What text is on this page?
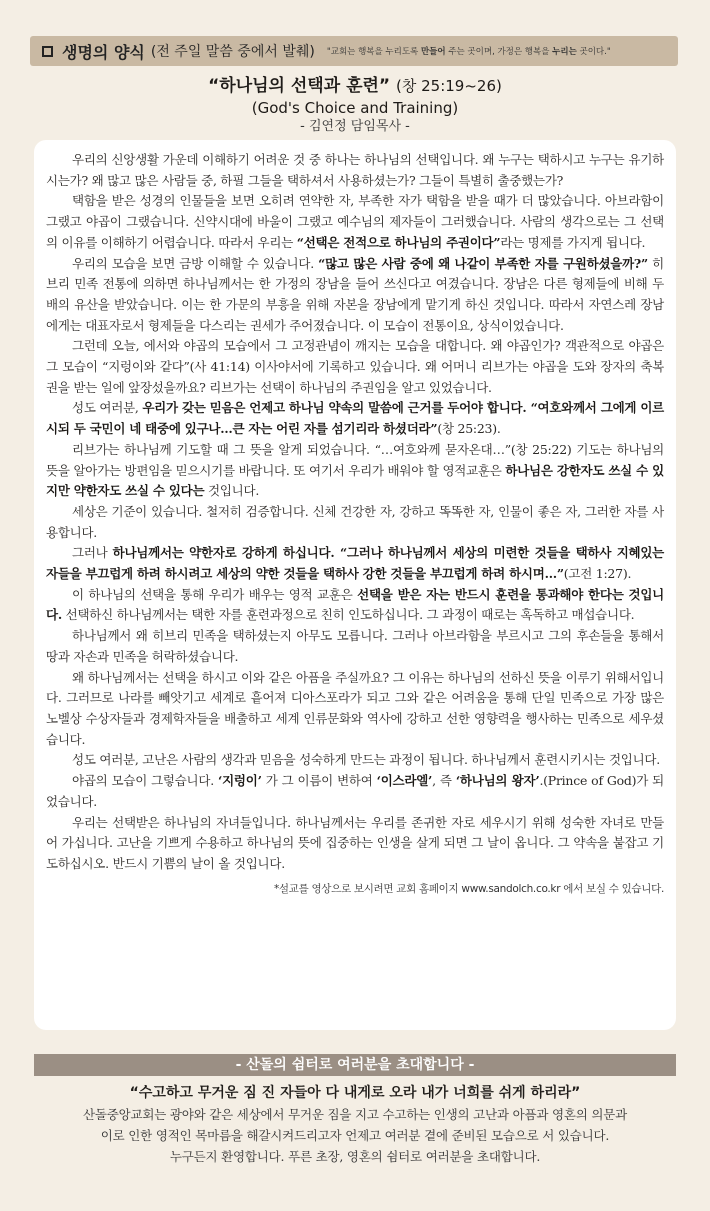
생명의 양식 (전 주일 말씀 중에서 발췌) "교회는 행복을 누리도록 만들어 주는 곳이며, 가정은 행복을 누리는 곳이다."
“하나님의 선택과 훈련” (창 25:19~26)
(God's Choice and Training)
- 김연정 담임목사 -

우리의 신앙생활 가운데 이해하기 어려운 것 중 하나는 하나님의 선택입니다. 왜 누구는 택하시고 누구는 유기하시는가? 왜 많고 많은 사람들 중, 하필 그들을 택하셔서 사용하셨는가? 그들이 특별히 출중했는가?

택함을 받은 성경의 인물들을 보면 오히려 연약한 자, 부족한 자가 택함을 받을 때가 더 많았습니다. 아브라함이 그랬고 야곱이 그랬습니다. 신약시대에 바울이 그랬고 예수님의 제자들이 그러했습니다. 사람의 생각으로는 그 선택의 이유를 이해하기 어렵습니다. 따라서 우리는 “선택은 전적으로 하나님의 주권이다”라는 명제를 가지게 됩니다.

우리의 모습을 보면 금방 이해할 수 있습니다. “많고 많은 사람 중에 왜 나같이 부족한 자를 구원하셨을까?” 히브리 민족 전통에 의하면 하나님께서는 한 가정의 장남을 들어 쓰신다고 여겼습니다. 장남은 다른 형제들에 비해 두 배의 유산을 받았습니다. 이는 한 가문의 부흥을 위해 자본을 장남에게 맡기게 하신 것입니다. 따라서 자연스레 장남에게는 대표자로서 형제들을 다스리는 권세가 주어졌습니다. 이 모습이 전통이요, 상식이었습니다.

그런데 오늘, 에서와 야곱의 모습에서 그 고정관념이 깨지는 모습을 대합니다. 왜 야곱인가? 객관적으로 야곱은 그 모습이 “지렁이와 같다”(사 41:14) 이사야서에 기록하고 있습니다. 왜 어머니 리브가는 야곱을 도와 장자의 축복권을 받는 일에 앞장섰을까요? 리브가는 선택이 하나님의 주권임을 알고 있었습니다.

성도 여러분, 우리가 갖는 믿음은 언제고 하나님 약속의 말씀에 근거를 두어야 합니다. “여호와께서 그에게 이르시되 두 국민이 네 태중에 있구나…큰 자는 어린 자를 섬기리라 하셨더라”(창 25:23).

리브가는 하나님께 기도할 때 그 뜻을 알게 되었습니다. “…여호와께 묻자온대…”(창 25:22) 기도는 하나님의 뜻을 알아가는 방편임을 믿으시기를 바랍니다. 또 여기서 우리가 배워야 할 영적교훈은 하나님은 강한자도 쓰실 수 있지만 약한자도 쓰실 수 있다는 것입니다.

세상은 기준이 있습니다. 철저히 검증합니다. 신체 건강한 자, 강하고 똑똑한 자, 인물이 좋은 자, 그러한 자를 사용합니다.

그러나 하나님께서는 약한자로 강하게 하십니다. “그러나 하나님께서 세상의 미련한 것들을 택하사 지혜있는 자들을 부끄럽게 하려 하시려고 세상의 약한 것들을 택하사 강한 것들을 부끄럽게 하려 하시며…”(고전 1:27).

이 하나님의 선택을 통해 우리가 배우는 영적 교훈은 선택을 받은 자는 반드시 훈련을 통과해야 한다는 것입니다. 선택하신 하나님께서는 택한 자를 훈련과정으로 친히 인도하십니다. 그 과정이 때로는 혹독하고 매섭습니다.

하나님께서 왜 히브리 민족을 택하셨는지 아무도 모릅니다. 그러나 아브라함을 부르시고 그의 후손들을 통해서 땅과 자손과 민족을 허락하셨습니다.

왜 하나님께서는 선택을 하시고 이와 같은 아픔을 주실까요? 그 이유는 하나님의 선하신 뜻을 이루기 위해서입니다. 그러므로 나라를 빼앗기고 세계로 흩어져 디아스포라가 되고 그와 같은 어려움을 통해 단일 민족으로 가장 많은 노벨상 수상자들과 경제학자들을 배출하고 세계 인류문화와 역사에 강하고 선한 영향력을 행사하는 민족으로 세우셨습니다.

성도 여러분, 고난은 사람의 생각과 믿음을 성숙하게 만드는 과정이 됩니다. 하나님께서 훈련시키시는 것입니다.

야곱의 모습이 그렇습니다. ‘지렁이’ 가 그 이름이 변하여 ‘이스라엘’, 즉 ‘하나님의 왕자’.(Prince of God)가 되었습니다.

우리는 선택받은 하나님의 자녀들입니다. 하나님께서는 우리를 존귀한 자로 세우시기 위해 성숙한 자녀로 만들어 가십니다. 고난을 기쁘게 수용하고 하나님의 뜻에 집중하는 인생을 살게 되면 그 날이 옵니다. 그 약속을 붙잡고 기도하십시오. 반드시 기쁨의 날이 올 것입니다.

*설교를 영상으로 보시려면 교회 홈페이지 www.sandolch.co.kr 에서 보실 수 있습니다.

- 산돌의 쉼터로 여러분을 초대합니다 -
“수고하고 무거운 짐 진 자들아 다 내게로 오라 내가 너희를 쉬게 하리라”
산돌중앙교회는 광야와 같은 세상에서 무거운 짐을 지고 수고하는 인생의 고난과 아픔과 영혼의 의문과
이로 인한 영적인 목마름을 해갈시켜드리고자 언제고 여러분 곁에 준비된 모습으로 서 있습니다.
누구든지 환영합니다. 푸른 초장, 영혼의 쉼터로 여러분을 초대합니다.
